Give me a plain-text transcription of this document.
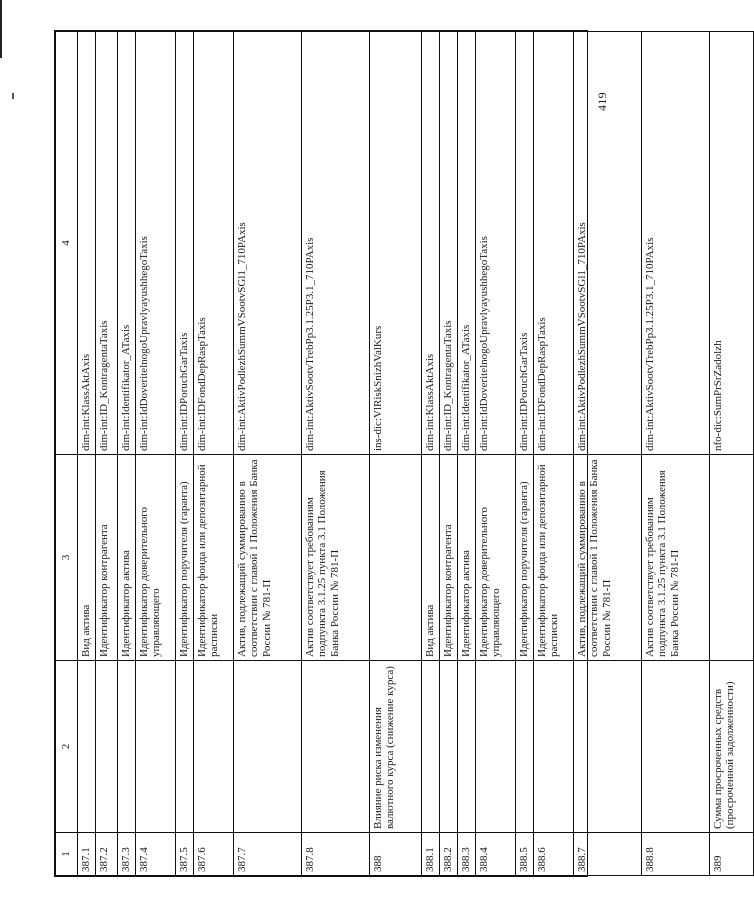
1	2	3	4
387.1		Вид актива	dim-int:KlassAktAxis
387.2		Идентификатор контрагента	dim-int:ID_KontragentaTaxis
387.3		Идентификатор актива	dim-int:Identifikator_ATaxis
387.4		Идентификатор доверительного управляющего	dim-int:IdDoveritelnogoUpravlyayushhegoTaxis
387.5		Идентификатор поручителя (гаранта)	dim-int:IDPoruchGarTaxis
387.6		Идентификатор фонда или депозитарной расписки	dim-int:IDFondDepRaspTaxis
387.7		Актив, подлежащий суммированию в соответствии с главой 1 Положения Банка России № 781-П	dim-int:AktivPodlezhSummVSootvSGl1_710PAxis
387.8		Актив соответствует требованиям подпункта 3.1.25 пункта 3.1 Положения Банка России № 781-П	dim-int:AktivSootvTrebPp3.1.25P3.1_710PAxis
388	Влияние риска изменения валютного курса (снижение курса)		ins-dic:VlRiskSnizhValKurs
388.1		Вид актива	dim-int:KlassAktAxis
388.2		Идентификатор контрагента	dim-int:ID_KontragentaTaxis
388.3		Идентификатор актива	dim-int:Identifikator_ATaxis
388.4		Идентификатор доверительного управляющего	dim-int:IdDoveritelnogoUpravlyayushhegoTaxis
388.5		Идентификатор поручителя (гаранта)	dim-int:IDPoruchGarTaxis
388.6		Идентификатор фонда или депозитарной расписки	dim-int:IDFondDepRaspTaxis
388.7		Актив, подлежащий суммированию в соответствии с главой 1 Положения Банка России № 781-П	dim-int:AktivPodlezhSummVSootvSGl1_710PAxis
388.8		Актив соответствует требованиям подпункта 3.1.25 пункта 3.1 Положения Банка России № 781-П	dim-int:AktivSootvTrebPp3.1.25P3.1_710PAxis
389	Сумма просроченных средств (просроченной задолженности)		nfo-dic:SumPrSrZadolzh
419
